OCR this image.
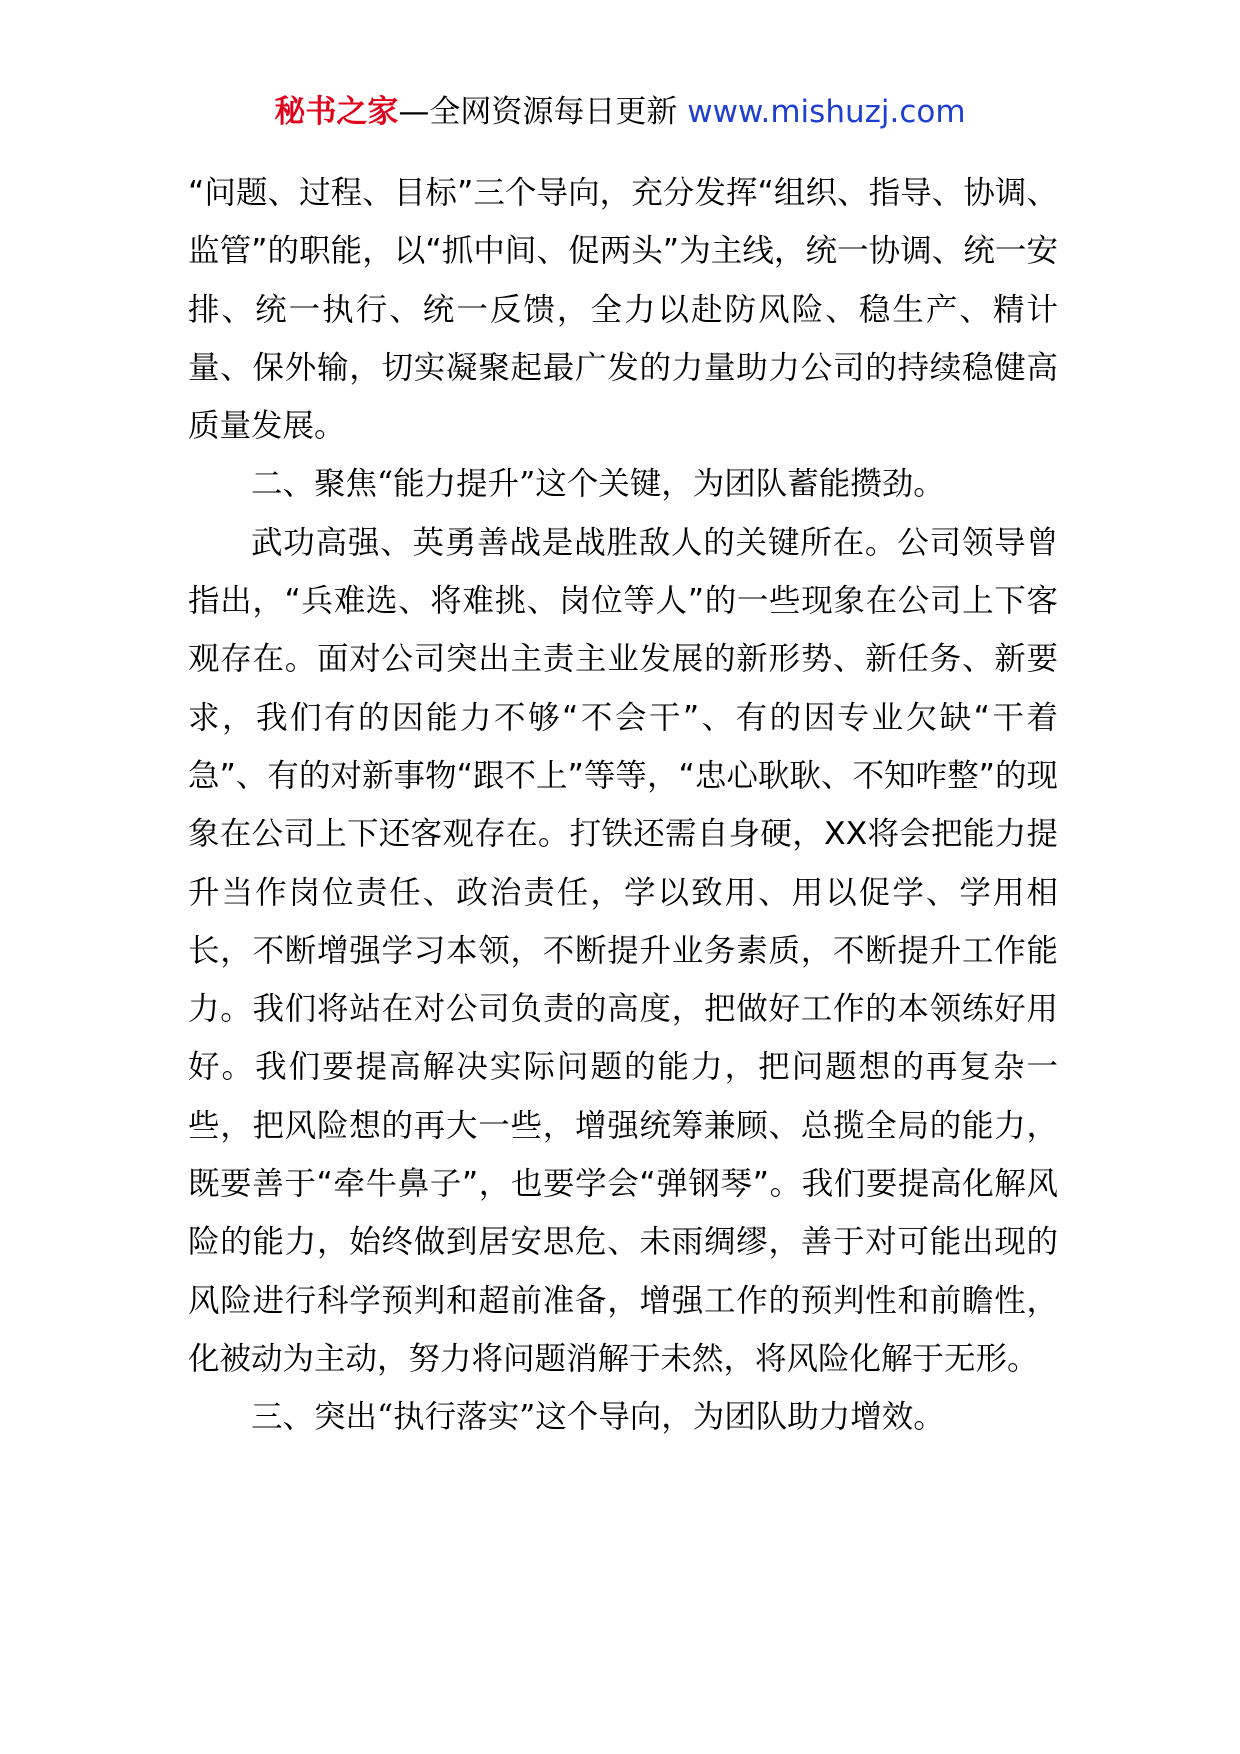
秘书之家—全网资源每日更新 www.mishuzj.com

“问题、过程、目标”三个导向，充分发挥“组织、指导、协调、监管”的职能，以“抓中间、促两头”为主线，统一协调、统一安排、统一执行、统一反馈，全力以赴防风险、稳生产、精计量、保外输，切实凝聚起最广发的力量助力公司的持续稳健高质量发展。

二、聚焦“能力提升”这个关键，为团队蓄能攒劲。

武功高强、英勇善战是战胜敌人的关键所在。公司领导曾指出，“兵难选、将难挑、岗位等人”的一些现象在公司上下客观存在。面对公司突出主责主业发展的新形势、新任务、新要求，我们有的因能力不够“不会干”、有的因专业欠缺“干着急”、有的对新事物“跟不上”等等，“忠心耿耿、不知咋整”的现象在公司上下还客观存在。打铁还需自身硬，XX将会把能力提升当作岗位责任、政治责任，学以致用、用以促学、学用相长，不断增强学习本领，不断提升业务素质，不断提升工作能力。我们将站在对公司负责的高度，把做好工作的本领练好用好。我们要提高解决实际问题的能力，把问题想的再复杂一些，把风险想的再大一些，增强统筹兼顾、总揽全局的能力，既要善于“牵牛鼻子”，也要学会“弹钢琴”。我们要提高化解风险的能力，始终做到居安思危、未雨绸缪，善于对可能出现的风险进行科学预判和超前准备，增强工作的预判性和前瞻性，化被动为主动，努力将问题消解于未然，将风险化解于无形。

三、突出“执行落实”这个导向，为团队助力增效。
